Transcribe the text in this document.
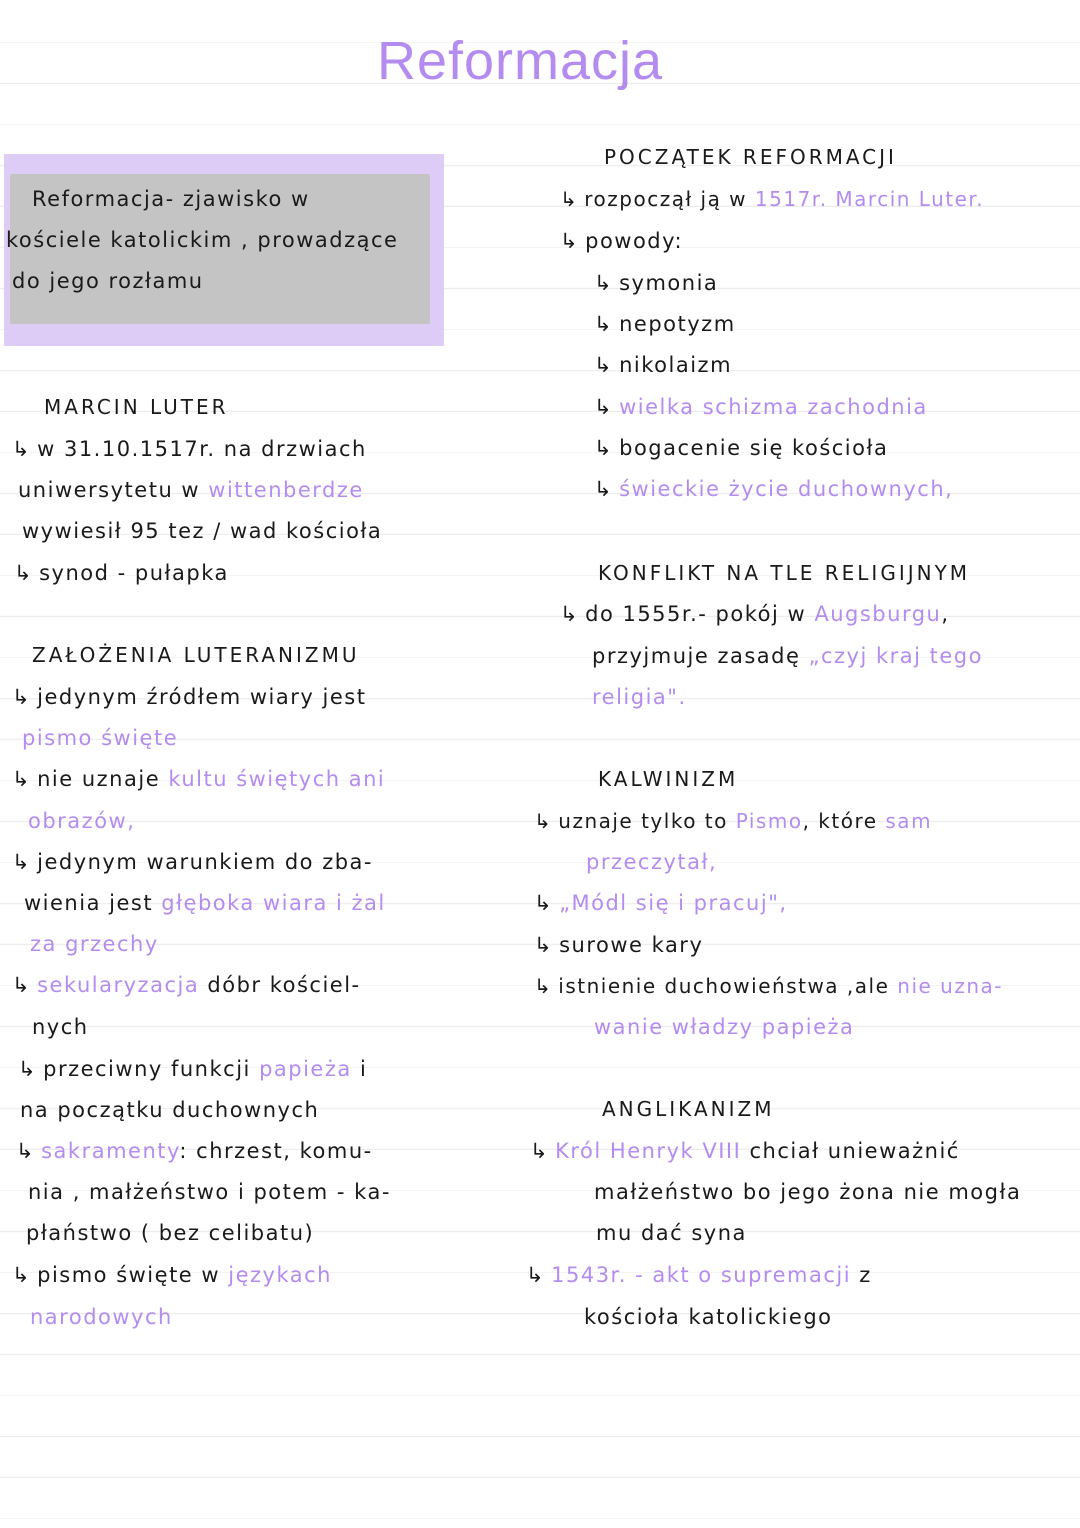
Reformacja
Reformacja- zjawisko w
kościele katolickim , prowadzące
do jego rozłamu
MARCIN LUTER
↳ w 31.10.1517r. na drzwiach
uniwersytetu w wittenberdze
wywiesił 95 tez / wad kościoła
↳ synod - pułapka
ZAŁOŻENIA LUTERANIZMU
↳ jedynym źródłem wiary jest
pismo święte
↳ nie uznaje kultu świętych ani
obrazów,
↳ jedynym warunkiem do zba-
wienia jest głęboka wiara i żal
za grzechy
↳ sekularyzacja dóbr kościel-
nych
↳ przeciwny funkcji papieża i
na początku duchownych
↳ sakramenty: chrzest, komu-
nia , małżeństwo i potem - ka-
płaństwo ( bez celibatu)
↳ pismo święte w językach
narodowych
POCZĄTEK REFORMACJI
↳ rozpoczął ją w 1517r. Marcin Luter.
↳ powody:
↳ symonia
↳ nepotyzm
↳ nikolaizm
↳ wielka schizma zachodnia
↳ bogacenie się kościoła
↳ świeckie życie duchownych,
KONFLIKT NA TLE RELIGIJNYM
↳ do 1555r.- pokój w Augsburgu,
przyjmuje zasadę „czyj kraj tego
religia".
KALWINIZM
↳ uznaje tylko to Pismo, które sam
przeczytał,
↳ „Módl się i pracuj",
↳ surowe kary
↳ istnienie duchowieństwa ,ale nie uzna-
wanie władzy papieża
ANGLIKANIZM
↳ Król Henryk VIII chciał unieważnić
małżeństwo bo jego żona nie mogła
mu dać syna
↳ 1543r. - akt o supremacji z
kościoła katolickiego
